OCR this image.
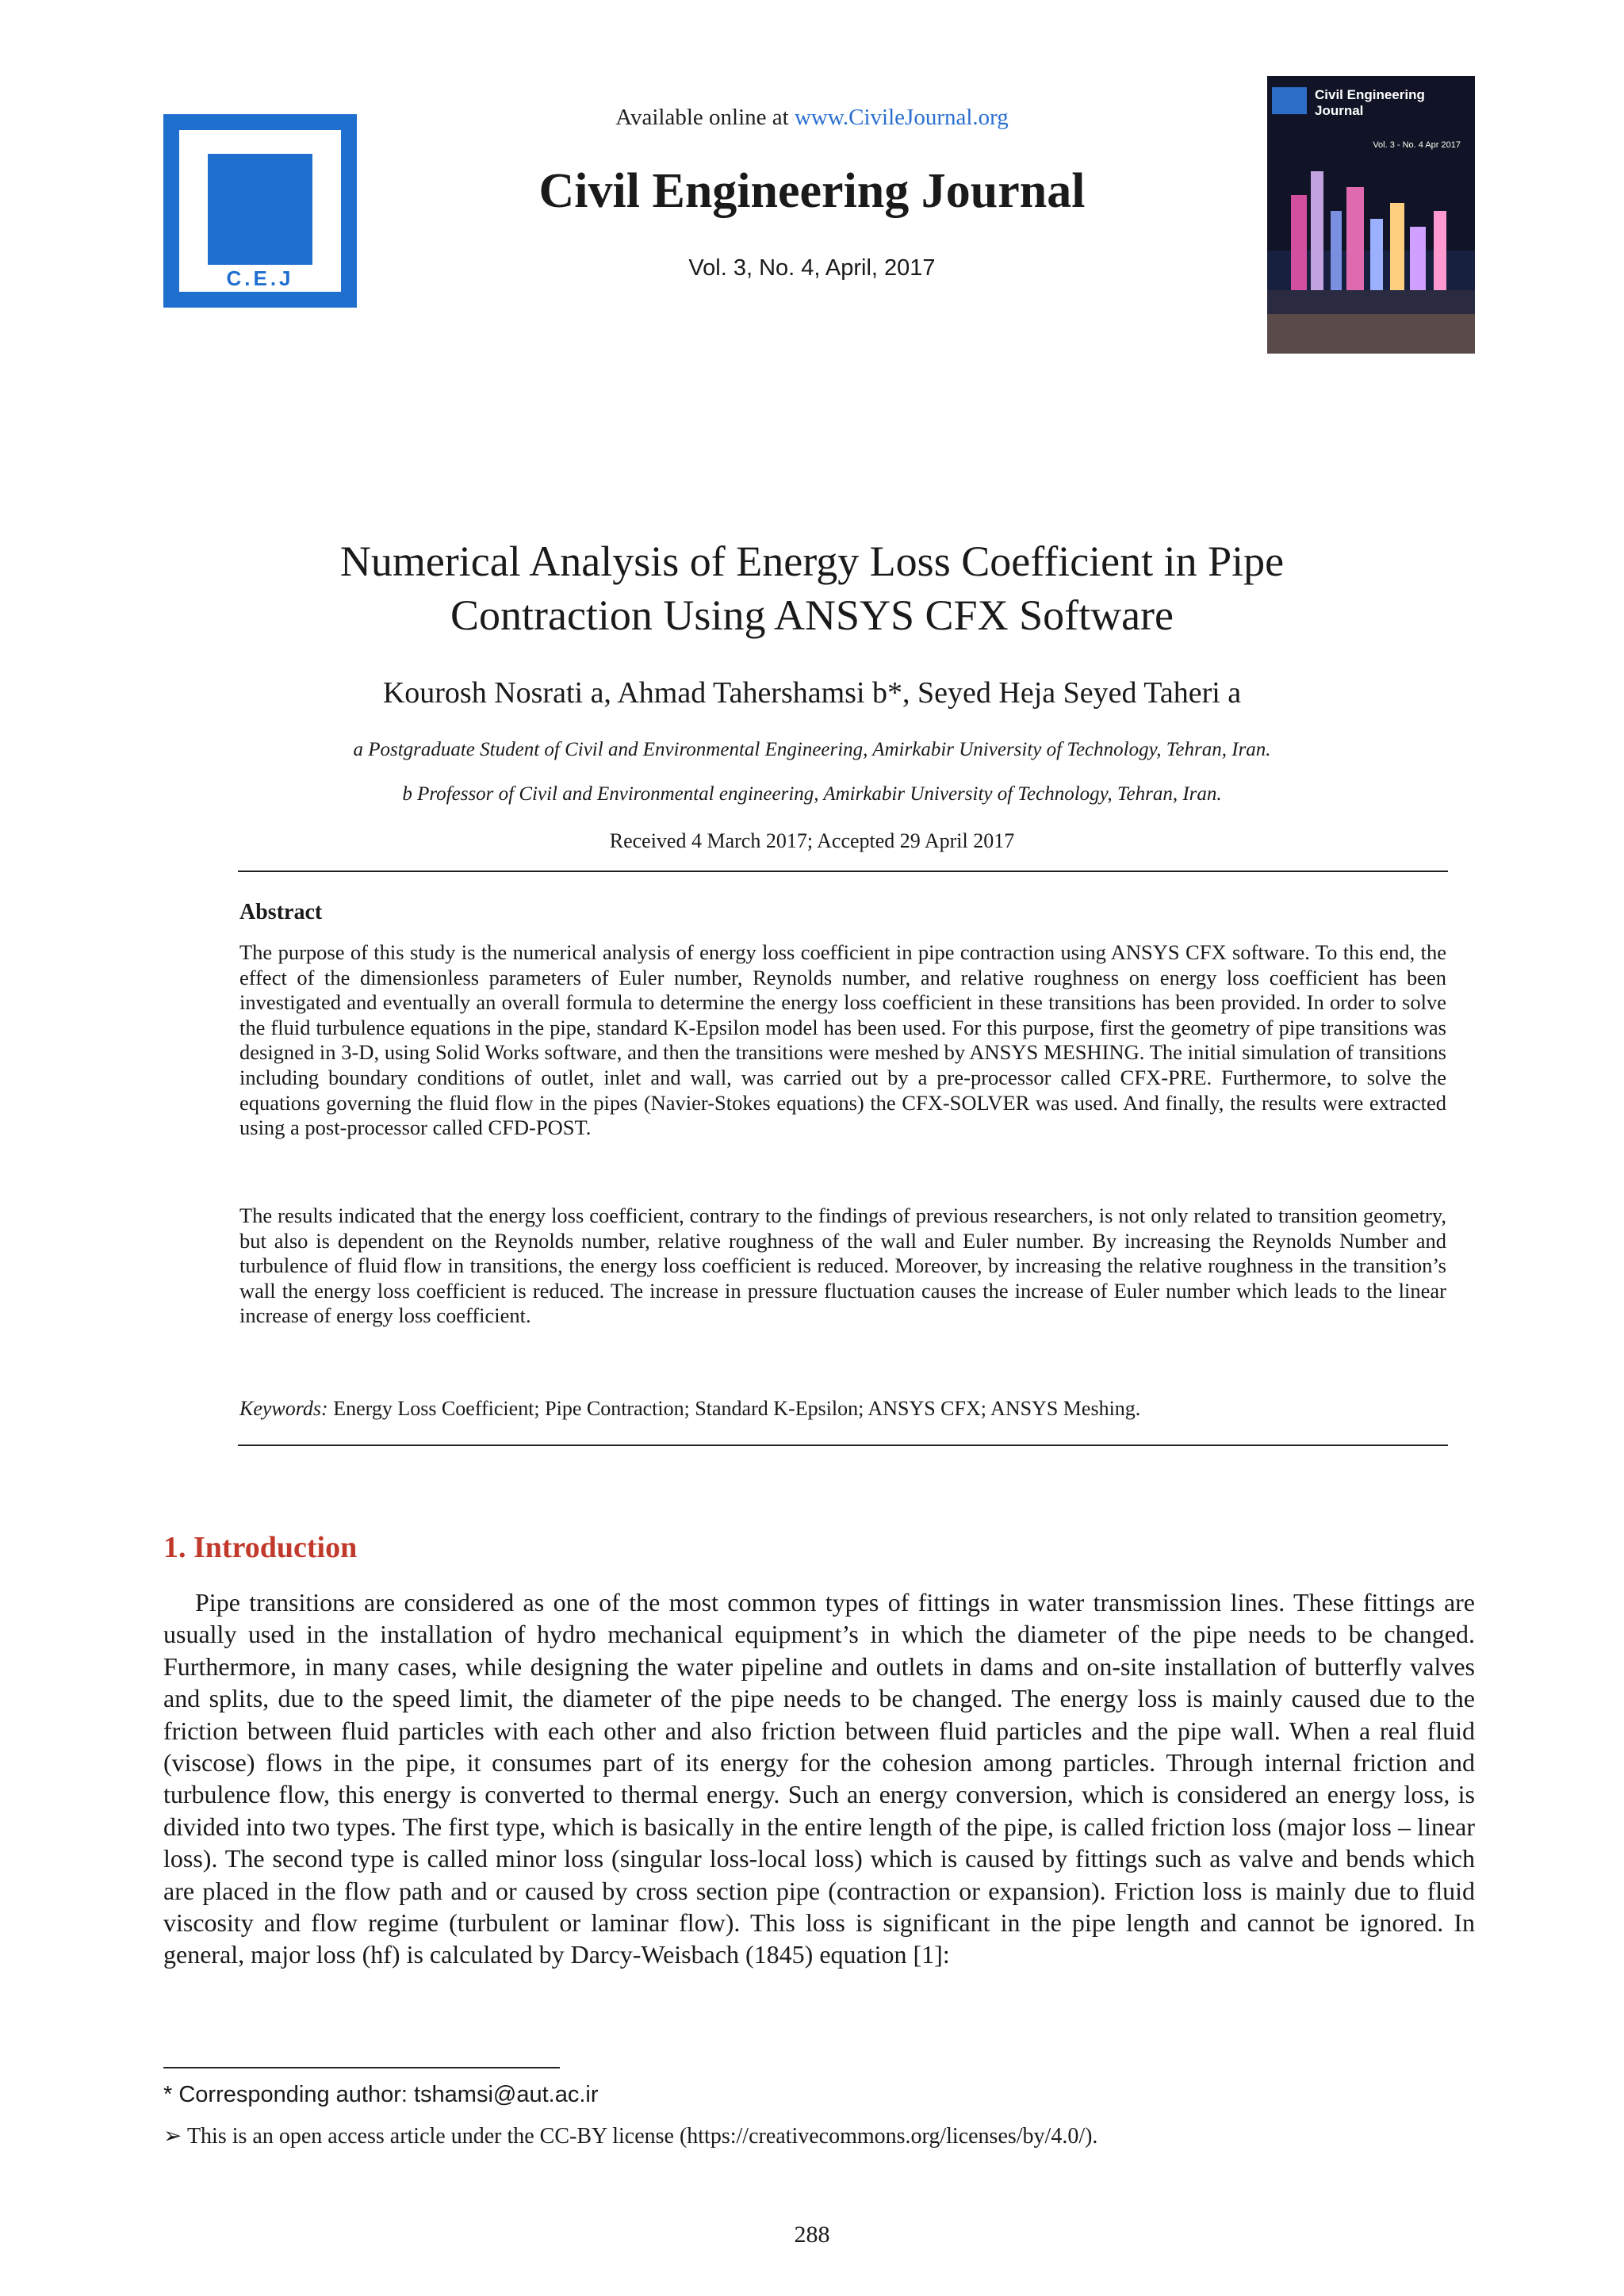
C.E.J
Available online at www.CivileJournal.org
Civil Engineering Journal
Vol. 3, No. 4, April, 2017
Civil Engineering Journal
Vol. 3 - No. 4 Apr 2017
Numerical Analysis of Energy Loss Coefficient in Pipe
Contraction Using ANSYS CFX Software
Kourosh Nosrati a, Ahmad Tahershamsi b*, Seyed Heja Seyed Taheri a
a Postgraduate Student of Civil and Environmental Engineering, Amirkabir University of Technology, Tehran, Iran.
b Professor of Civil and Environmental engineering, Amirkabir University of Technology, Tehran, Iran.
Received 4 March 2017; Accepted 29 April 2017
Abstract
The purpose of this study is the numerical analysis of energy loss coefficient in pipe contraction using ANSYS CFX software. To this end, the effect of the dimensionless parameters of Euler number, Reynolds number, and relative roughness on energy loss coefficient has been investigated and eventually an overall formula to determine the energy loss coefficient in these transitions has been provided. In order to solve the fluid turbulence equations in the pipe, standard K-Epsilon model has been used. For this purpose, first the geometry of pipe transitions was designed in 3-D, using Solid Works software, and then the transitions were meshed by ANSYS MESHING. The initial simulation of transitions including boundary conditions of outlet, inlet and wall, was carried out by a pre-processor called CFX-PRE. Furthermore, to solve the equations governing the fluid flow in the pipes (Navier-Stokes equations) the CFX-SOLVER was used. And finally, the results were extracted using a post-processor called CFD-POST.
The results indicated that the energy loss coefficient, contrary to the findings of previous researchers, is not only related to transition geometry, but also is dependent on the Reynolds number, relative roughness of the wall and Euler number. By increasing the Reynolds Number and turbulence of fluid flow in transitions, the energy loss coefficient is reduced. Moreover, by increasing the relative roughness in the transition’s wall the energy loss coefficient is reduced. The increase in pressure fluctuation causes the increase of Euler number which leads to the linear increase of energy loss coefficient.
Keywords: Energy Loss Coefficient; Pipe Contraction; Standard K-Epsilon; ANSYS CFX; ANSYS Meshing.
1. Introduction
Pipe transitions are considered as one of the most common types of fittings in water transmission lines. These fittings are usually used in the installation of hydro mechanical equipment’s in which the diameter of the pipe needs to be changed. Furthermore, in many cases, while designing the water pipeline and outlets in dams and on-site installation of butterfly valves and splits, due to the speed limit, the diameter of the pipe needs to be changed. The energy loss is mainly caused due to the friction between fluid particles with each other and also friction between fluid particles and the pipe wall. When a real fluid (viscose) flows in the pipe, it consumes part of its energy for the cohesion among particles. Through internal friction and turbulence flow, this energy is converted to thermal energy. Such an energy conversion, which is considered an energy loss, is divided into two types. The first type, which is basically in the entire length of the pipe, is called friction loss (major loss – linear loss). The second type is called minor loss (singular loss-local loss) which is caused by fittings such as valve and bends which are placed in the flow path and or caused by cross section pipe (contraction or expansion). Friction loss is mainly due to fluid viscosity and flow regime (turbulent or laminar flow). This loss is significant in the pipe length and cannot be ignored. In general, major loss (hf) is calculated by Darcy-Weisbach (1845) equation [1]:
* Corresponding author: tshamsi@aut.ac.ir
➢ This is an open access article under the CC-BY license (https://creativecommons.org/licenses/by/4.0/).
288
